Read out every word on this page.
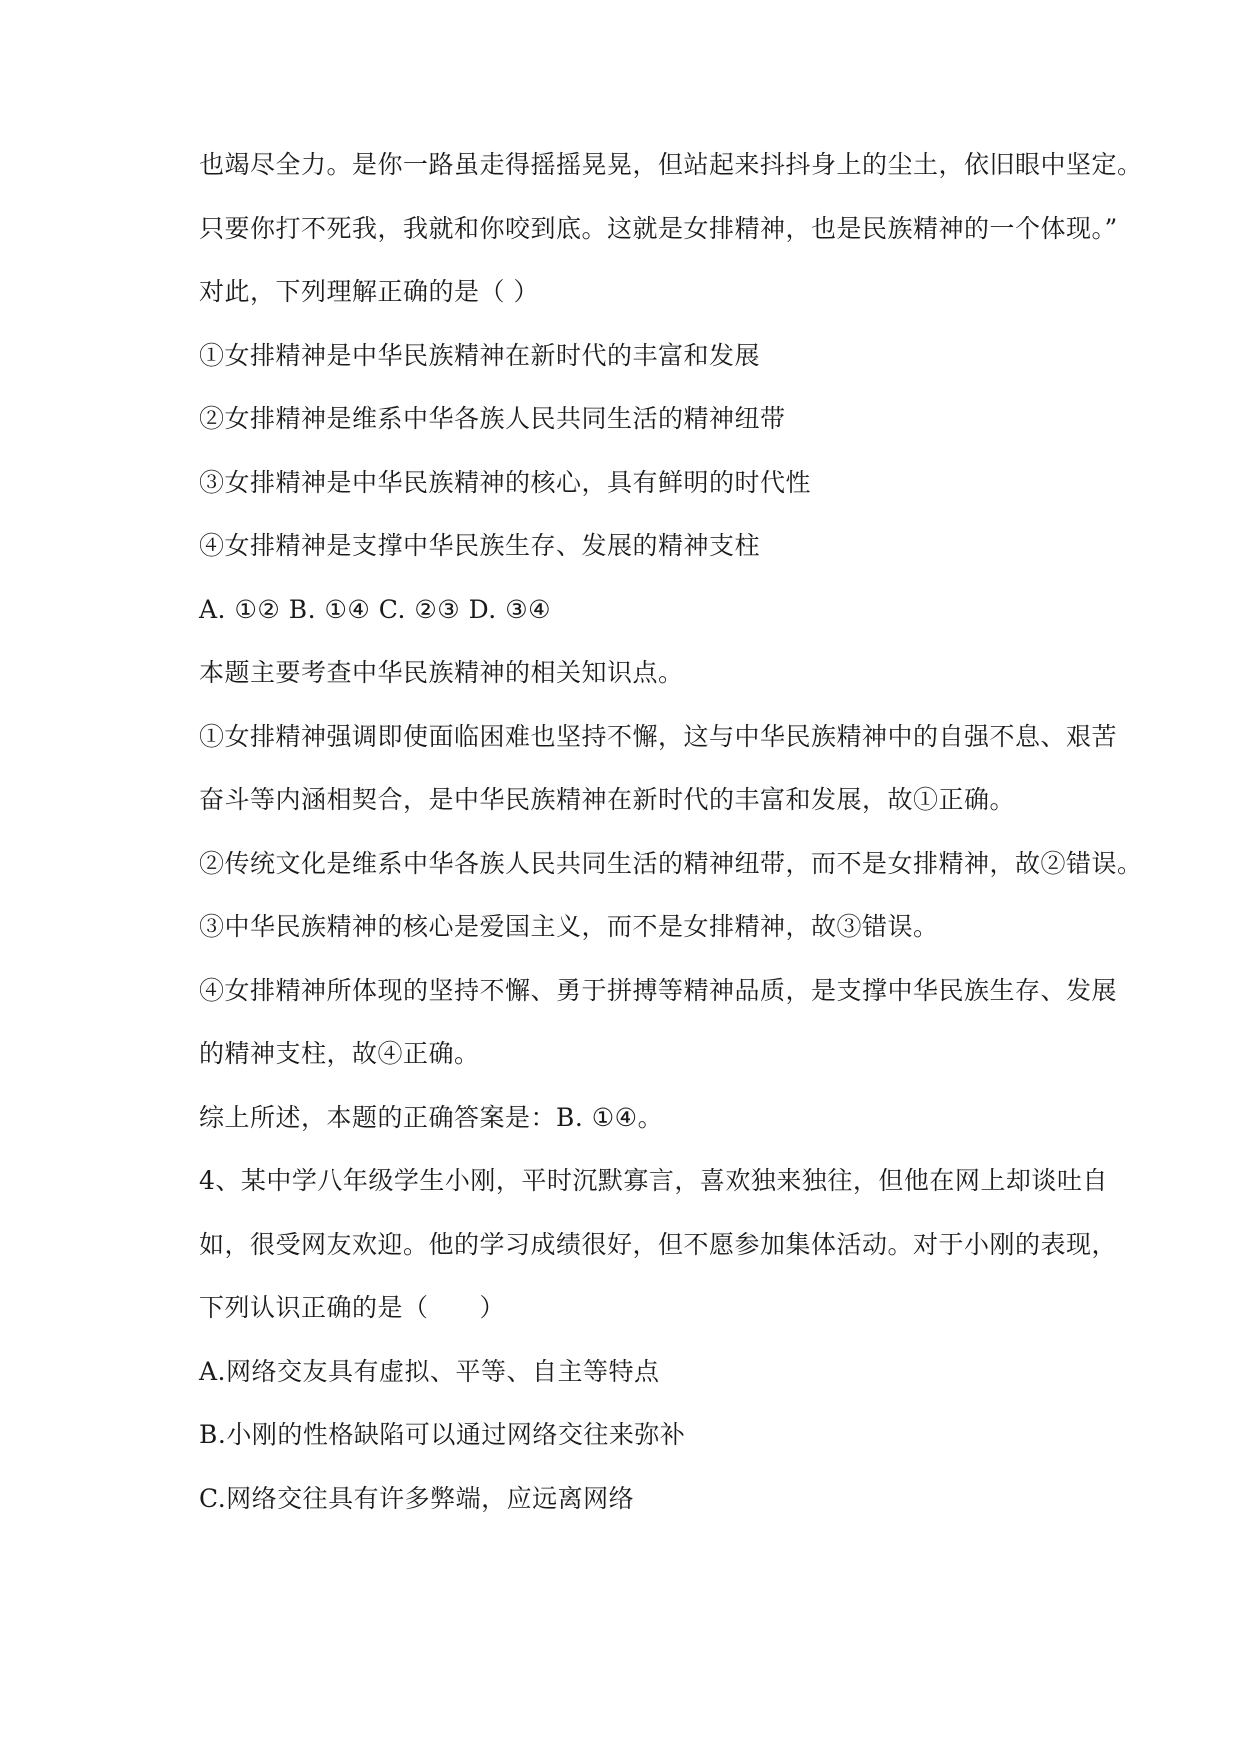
也竭尽全力。是你一路虽走得摇摇晃晃，但站起来抖抖身上的尘土，依旧眼中坚定。
只要你打不死我，我就和你咬到底。这就是女排精神，也是民族精神的一个体现。”
对此，下列理解正确的是（ ）
①女排精神是中华民族精神在新时代的丰富和发展
②女排精神是维系中华各族人民共同生活的精神纽带
③女排精神是中华民族精神的核心，具有鲜明的时代性
④女排精神是支撑中华民族生存、发展的精神支柱
A. ①② B. ①④ C. ②③ D. ③④
本题主要考查中华民族精神的相关知识点。
①女排精神强调即使面临困难也坚持不懈，这与中华民族精神中的自强不息、艰苦
奋斗等内涵相契合，是中华民族精神在新时代的丰富和发展，故①正确。
②传统文化是维系中华各族人民共同生活的精神纽带，而不是女排精神，故②错误。
③中华民族精神的核心是爱国主义，而不是女排精神，故③错误。
④女排精神所体现的坚持不懈、勇于拼搏等精神品质，是支撑中华民族生存、发展
的精神支柱，故④正确。
综上所述，本题的正确答案是：B. ①④。
4、某中学八年级学生小刚，平时沉默寡言，喜欢独来独往，但他在网上却谈吐自
如，很受网友欢迎。他的学习成绩很好，但不愿参加集体活动。对于小刚的表现，
下列认识正确的是（　　）
A.网络交友具有虚拟、平等、自主等特点
B.小刚的性格缺陷可以通过网络交往来弥补
C.网络交往具有许多弊端，应远离网络
